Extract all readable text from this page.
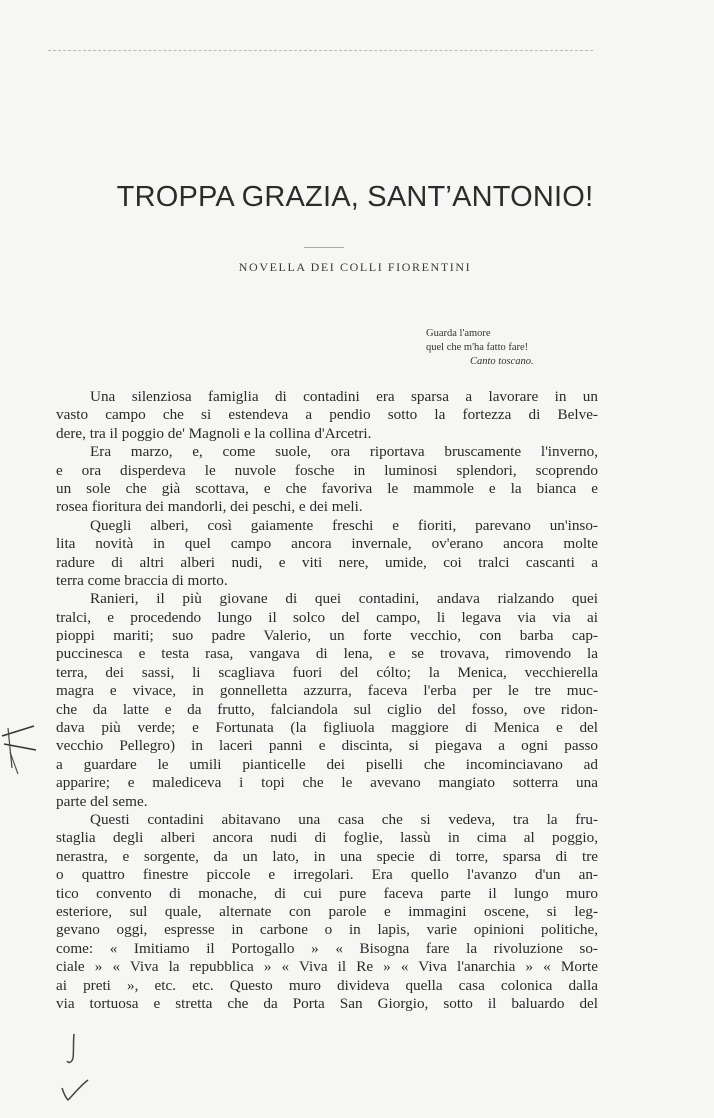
TROPPA GRAZIA, SANT’ANTONIO!
NOVELLA DEI COLLI FIORENTINI
Guarda l'amore
quel che m'ha fatto fare!
Canto toscano.
Una silenziosa famiglia di contadini era sparsa a lavorare in un
vasto campo che si estendeva a pendio sotto la fortezza di Belve-
dere, tra il poggio de' Magnoli e la collina d'Arcetri.
Era marzo, e, come suole, ora riportava bruscamente l'inverno,
e ora disperdeva le nuvole fosche in luminosi splendori, scoprendo
un sole che già scottava, e che favoriva le mammole e la bianca e
rosea fioritura dei mandorli, dei peschi, e dei meli.
Quegli alberi, così gaiamente freschi e fioriti, parevano un'inso-
lita novità in quel campo ancora invernale, ov'erano ancora molte
radure di altri alberi nudi, e viti nere, umide, coi tralci cascanti a
terra come braccia di morto.
Ranieri, il più giovane di quei contadini, andava rialzando quei
tralci, e procedendo lungo il solco del campo, li legava via via ai
pioppi mariti; suo padre Valerio, un forte vecchio, con barba cap-
puccinesca e testa rasa, vangava di lena, e se trovava, rimovendo la
terra, dei sassi, li scagliava fuori del cólto; la Menica, vecchierella
magra e vivace, in gonnelletta azzurra, faceva l'erba per le tre muc-
che da latte e da frutto, falciandola sul ciglio del fosso, ove ridon-
dava più verde; e Fortunata (la figliuola maggiore di Menica e del
vecchio Pellegro) in laceri panni e discinta, si piegava a ogni passo
a guardare le umili pianticelle dei piselli che incominciavano ad
apparire; e malediceva i topi che le avevano mangiato sotterra una
parte del seme.
Questi contadini abitavano una casa che si vedeva, tra la fru-
staglia degli alberi ancora nudi di foglie, lassù in cima al poggio,
nerastra, e sorgente, da un lato, in una specie di torre, sparsa di tre
o quattro finestre piccole e irregolari. Era quello l'avanzo d'un an-
tico convento di monache, di cui pure faceva parte il lungo muro
esteriore, sul quale, alternate con parole e immagini oscene, si leg-
gevano oggi, espresse in carbone o in lapis, varie opinioni politiche,
come: « Imitiamo il Portogallo » « Bisogna fare la rivoluzione so-
ciale » « Viva la repubblica » « Viva il Re » « Viva l'anarchia » « Morte
ai preti », etc. etc. Questo muro divideva quella casa colonica dalla
via tortuosa e stretta che da Porta San Giorgio, sotto il baluardo del
